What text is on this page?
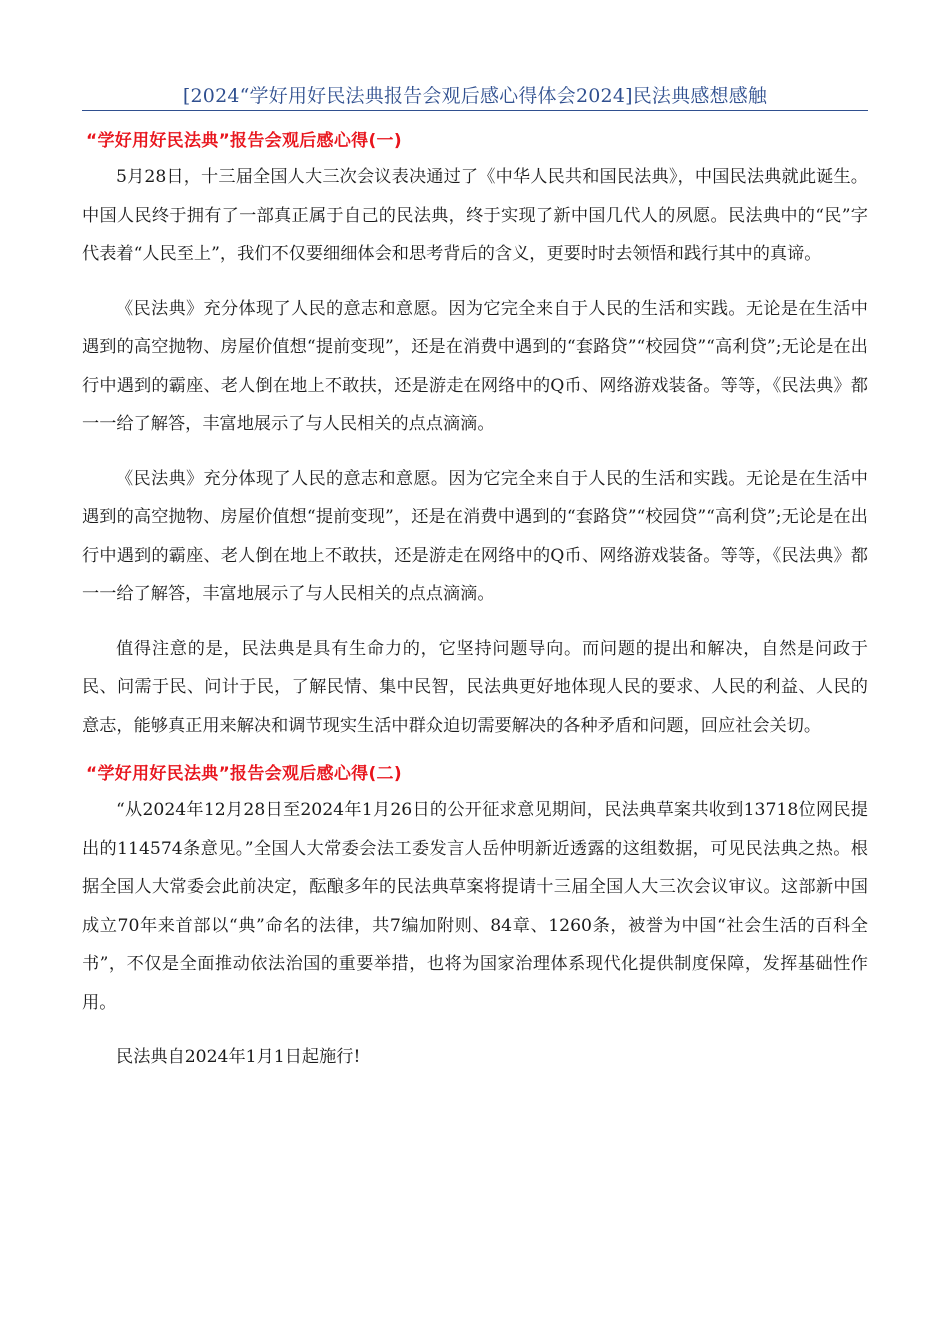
[2024“学好用好民法典报告会观后感心得体会2024]民法典感想感触
“学好用好民法典”报告会观后感心得(一)

5月28日，十三届全国人大三次会议表决通过了《中华人民共和国民法典》，中国民法典就此诞生。中国人民终于拥有了一部真正属于自己的民法典，终于实现了新中国几代人的夙愿。民法典中的“民”字代表着“人民至上”，我们不仅要细细体会和思考背后的含义，更要时时去领悟和践行其中的真谛。

《民法典》充分体现了人民的意志和意愿。因为它完全来自于人民的生活和实践。无论是在生活中遇到的高空抛物、房屋价值想“提前变现”，还是在消费中遇到的“套路贷”“校园贷”“高利贷”;无论是在出行中遇到的霸座、老人倒在地上不敢扶，还是游走在网络中的Q币、网络游戏装备。等等，《民法典》都一一给了解答，丰富地展示了与人民相关的点点滴滴。

《民法典》充分体现了人民的意志和意愿。因为它完全来自于人民的生活和实践。无论是在生活中遇到的高空抛物、房屋价值想“提前变现”，还是在消费中遇到的“套路贷”“校园贷”“高利贷”;无论是在出行中遇到的霸座、老人倒在地上不敢扶，还是游走在网络中的Q币、网络游戏装备。等等，《民法典》都一一给了解答，丰富地展示了与人民相关的点点滴滴。

值得注意的是，民法典是具有生命力的，它坚持问题导向。而问题的提出和解决，自然是问政于民、问需于民、问计于民，了解民情、集中民智，民法典更好地体现人民的要求、人民的利益、人民的意志，能够真正用来解决和调节现实生活中群众迫切需要解决的各种矛盾和问题，回应社会关切。

“学好用好民法典”报告会观后感心得(二)

“从2024年12月28日至2024年1月26日的公开征求意见期间，民法典草案共收到13718位网民提出的114574条意见。”全国人大常委会法工委发言人岳仲明新近透露的这组数据，可见民法典之热。根据全国人大常委会此前决定，酝酿多年的民法典草案将提请十三届全国人大三次会议审议。这部新中国成立70年来首部以“典”命名的法律，共7编加附则、84章、1260条，被誉为中国“社会生活的百科全书”，不仅是全面推动依法治国的重要举措，也将为国家治理体系现代化提供制度保障，发挥基础性作用。

民法典自2024年1月1日起施行!
